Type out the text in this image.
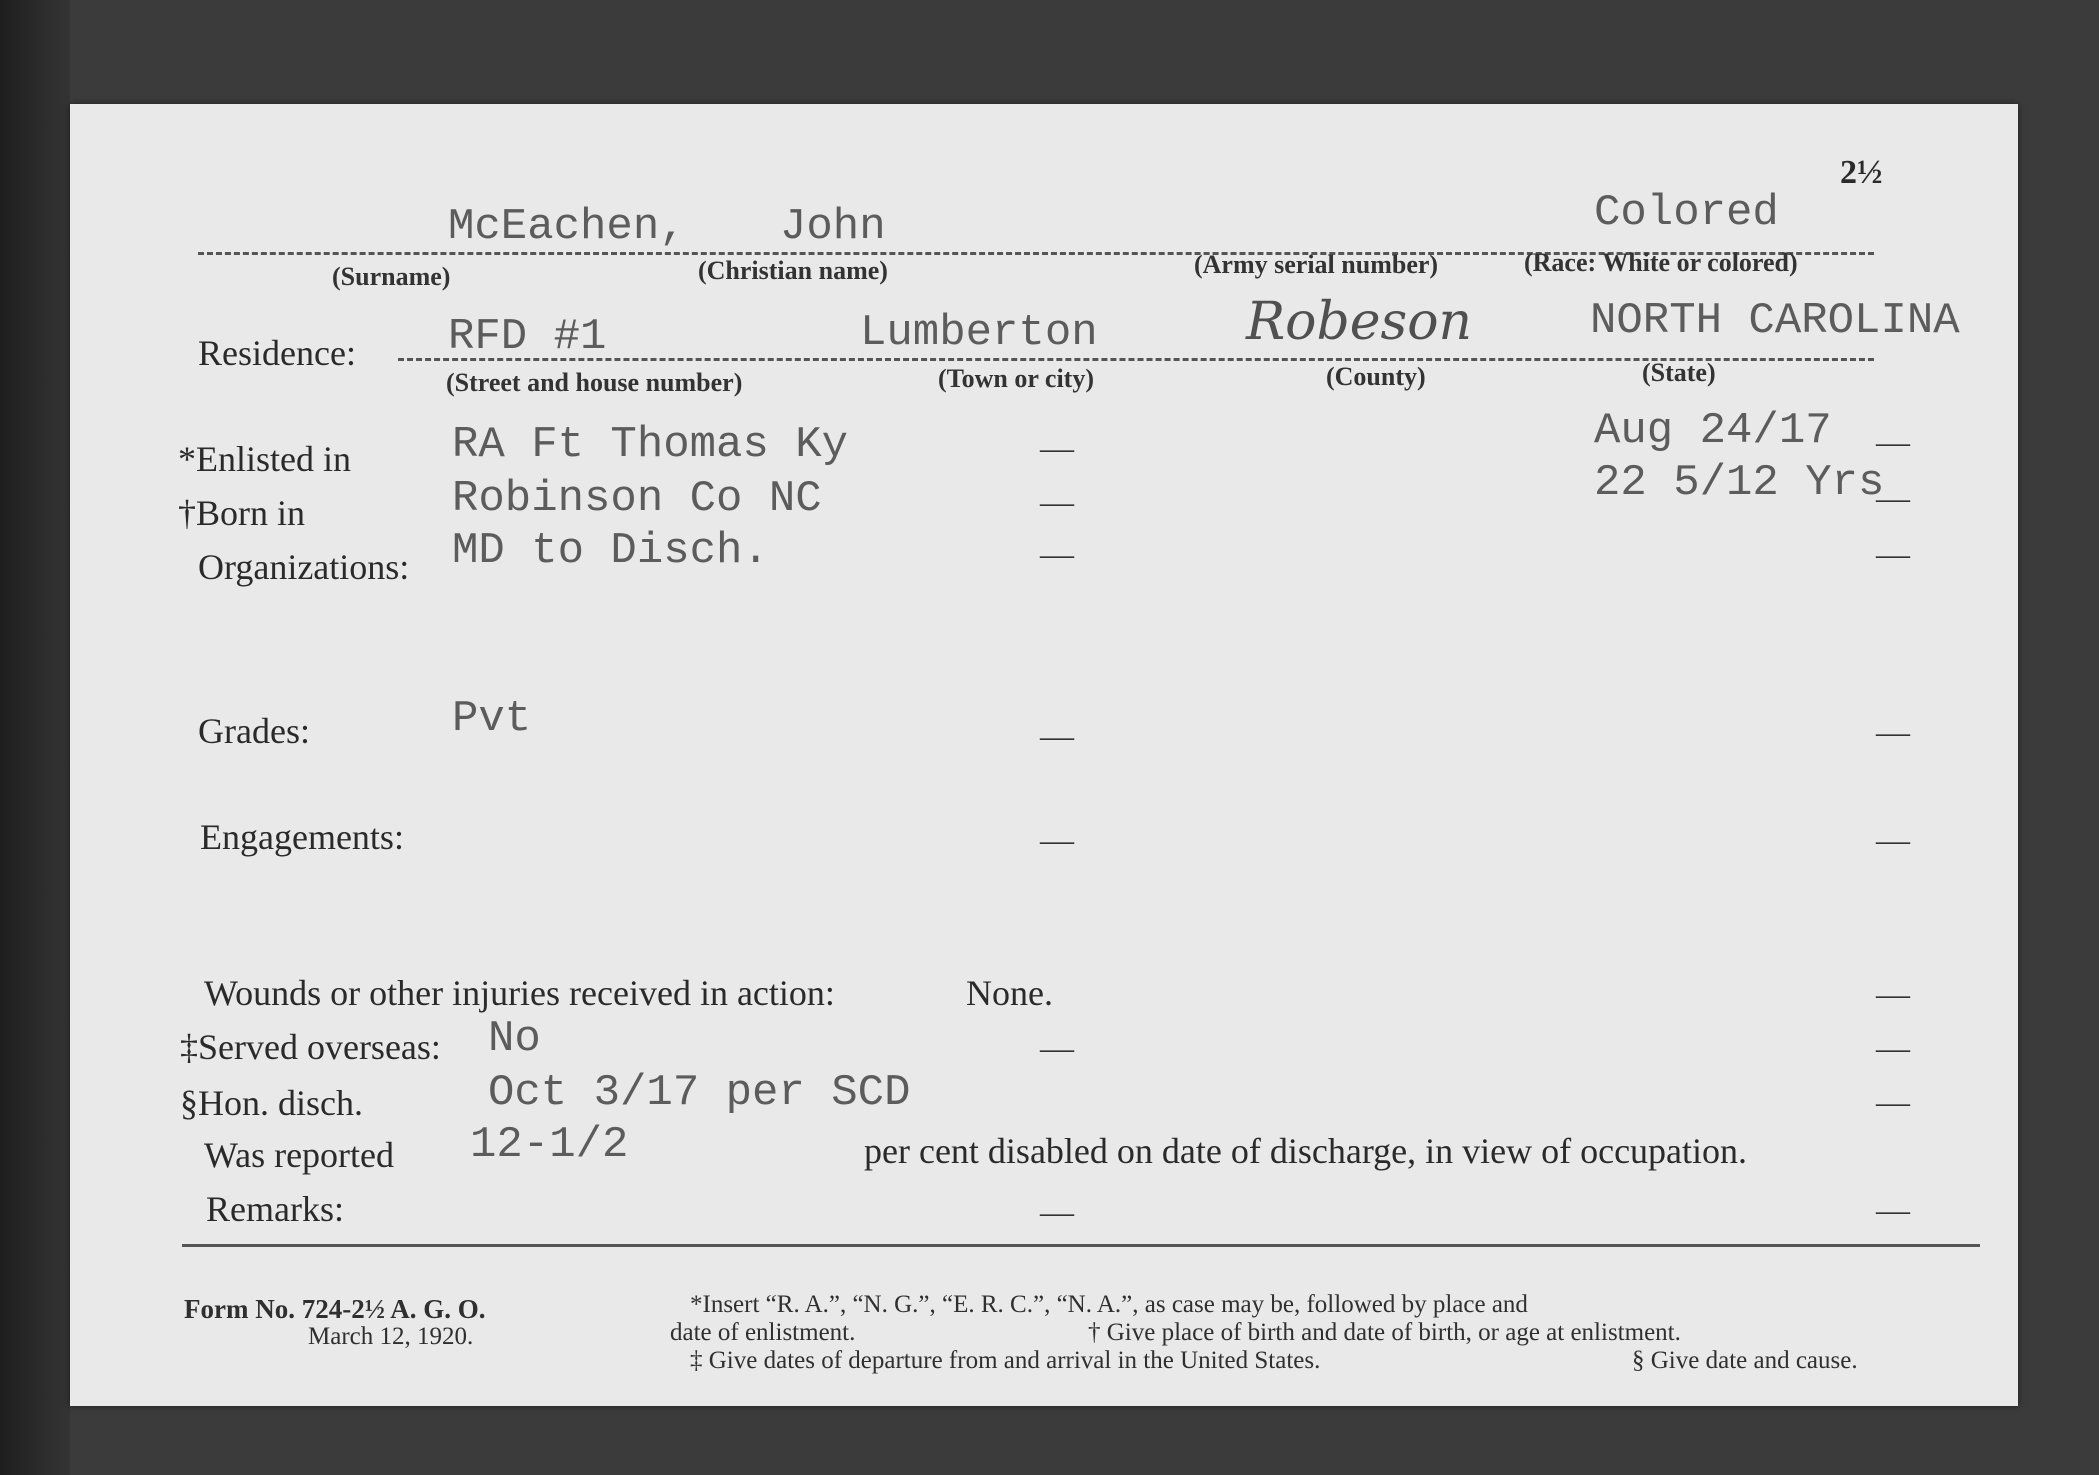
2½
McEachen, John	Colored
(Surname)	(Christian name)	(Army serial number)	(Race: White or colored)
Residence: RFD #1	Lumberton	Robeson	NORTH CAROLINA
(Street and house number)	(Town or city)	(County)	(State)
*Enlisted in RA Ft Thomas Ky	—	Aug 24/17 —
†Born in	Robinson Co NC	—	22 5/12 Yrs
—
Organizations: MD to Disch.	—	—
Grades:	Pvt	—	—
Engagements:	—	—
Wounds or other injuries received in action:	None.	—
‡Served overseas: No	—	—
§Hon. disch.	Oct 3/17 per SCD	—
Was reported 12-1/2	per cent disabled on date of discharge, in view of occupation.
Remarks:	—	—
Form No. 724-2½ A. G. O.
March 12, 1920.
*Insert “R. A.”, “N. G.”, “E. R. C.”, “N. A.”, as case may be, followed by place and
date of enlistment.	† Give place of birth and date of birth, or age at enlistment.
‡ Give dates of departure from and arrival in the United States.	§ Give date and cause.
